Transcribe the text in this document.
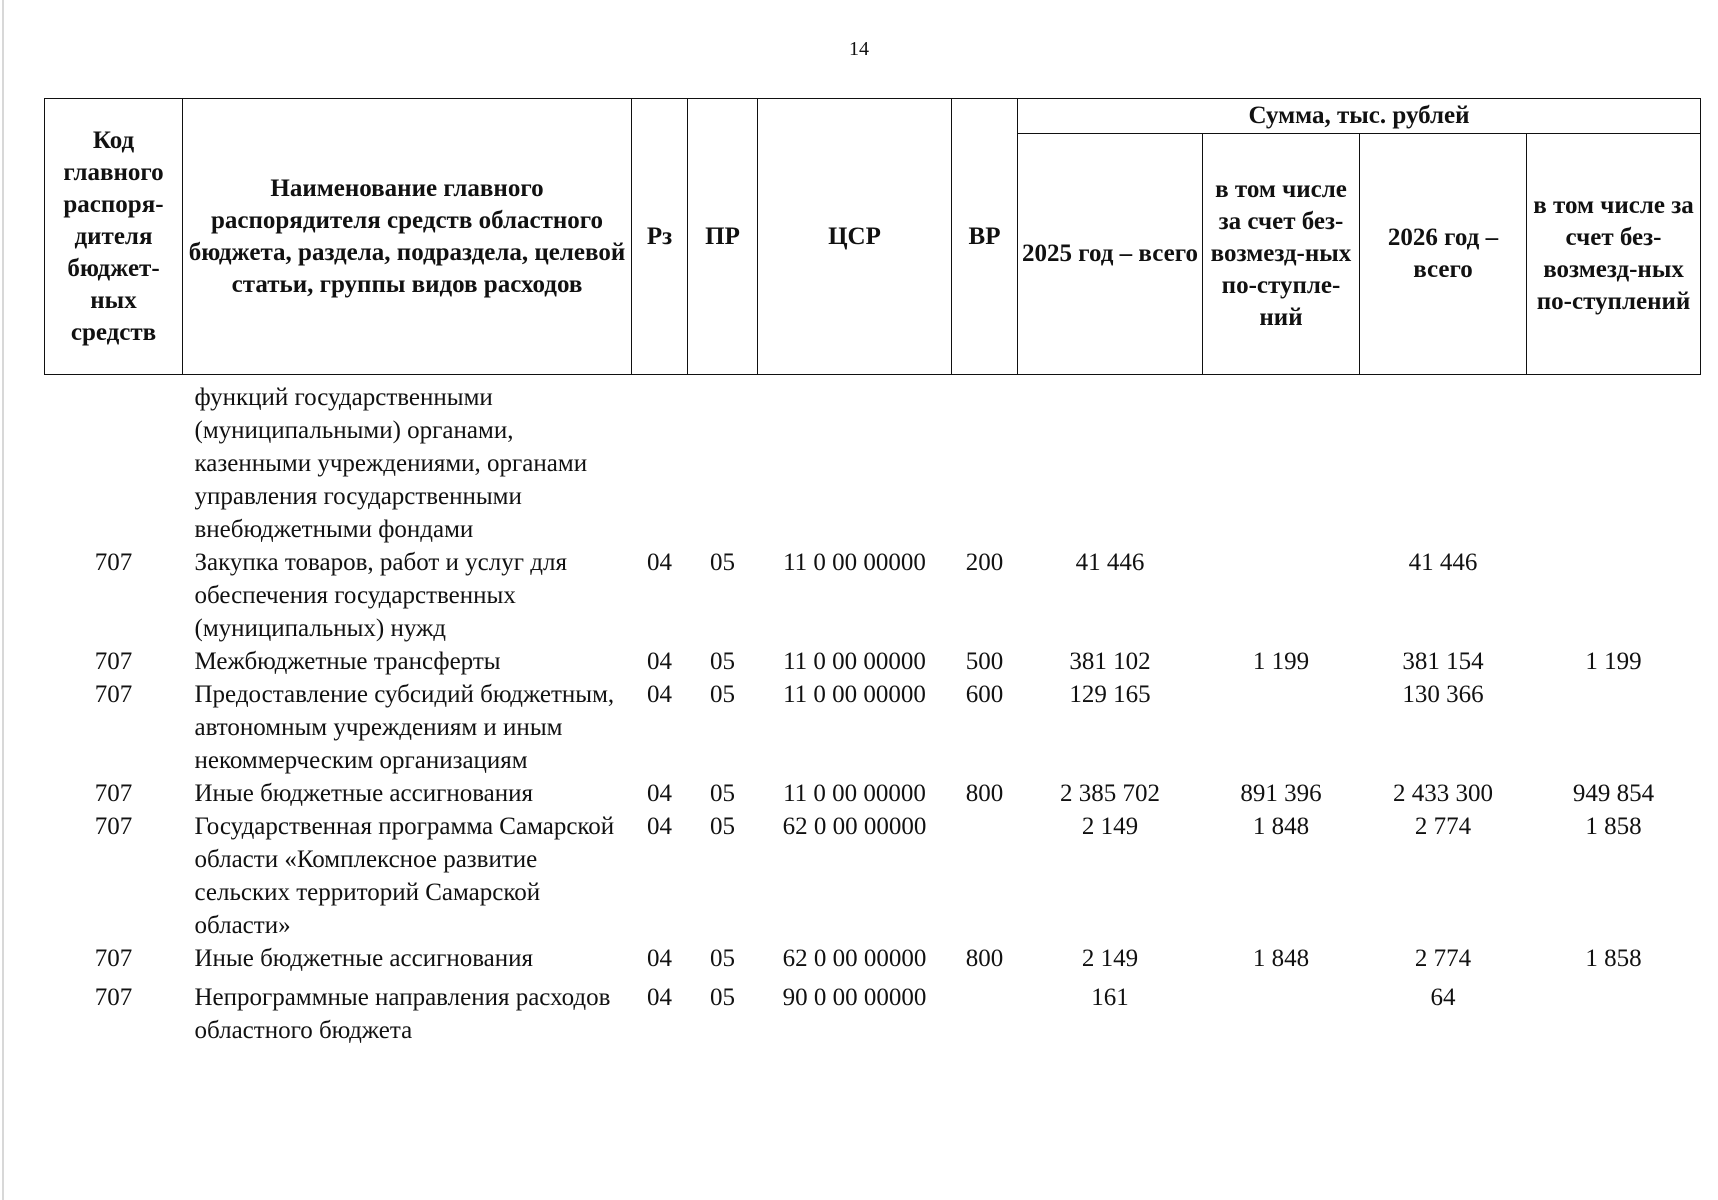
14
Код главного распоря-дителя бюджет-ных средств	Наименование главного распорядителя средств областного бюджета, раздела, подраздела, целевой статьи, группы видов расходов	Рз	ПР	ЦСР	ВР	Сумма, тыс. рублей			
						2025 год – всего	в том числе за счет без-возмезд-ных по-ступле-ний	2026 год – всего	в том числе за счет без-возмезд-ных по-ступлений
	функций государственными (муниципальными) органами, казенными учреждениями, органами управления государственными внебюджетными фондами								
707	Закупка товаров, работ и услуг для обеспечения государственных (муниципальных) нужд	04	05	11 0 00 00000	200	41 446		41 446	
707	Межбюджетные трансферты	04	05	11 0 00 00000	500	381 102	1 199	381 154	1 199
707	Предоставление субсидий бюджетным, автономным учреждениям и иным некоммерческим организациям	04	05	11 0 00 00000	600	129 165		130 366	
707	Иные бюджетные ассигнования	04	05	11 0 00 00000	800	2 385 702	891 396	2 433 300	949 854
707	Государственная программа Самарской области «Комплексное развитие сельских территорий Самарской области»	04	05	62 0 00 00000		2 149	1 848	2 774	1 858
707	Иные бюджетные ассигнования	04	05	62 0 00 00000	800	2 149	1 848	2 774	1 858
707	Непрограммные направления расходов областного бюджета	04	05	90 0 00 00000		161		64	
